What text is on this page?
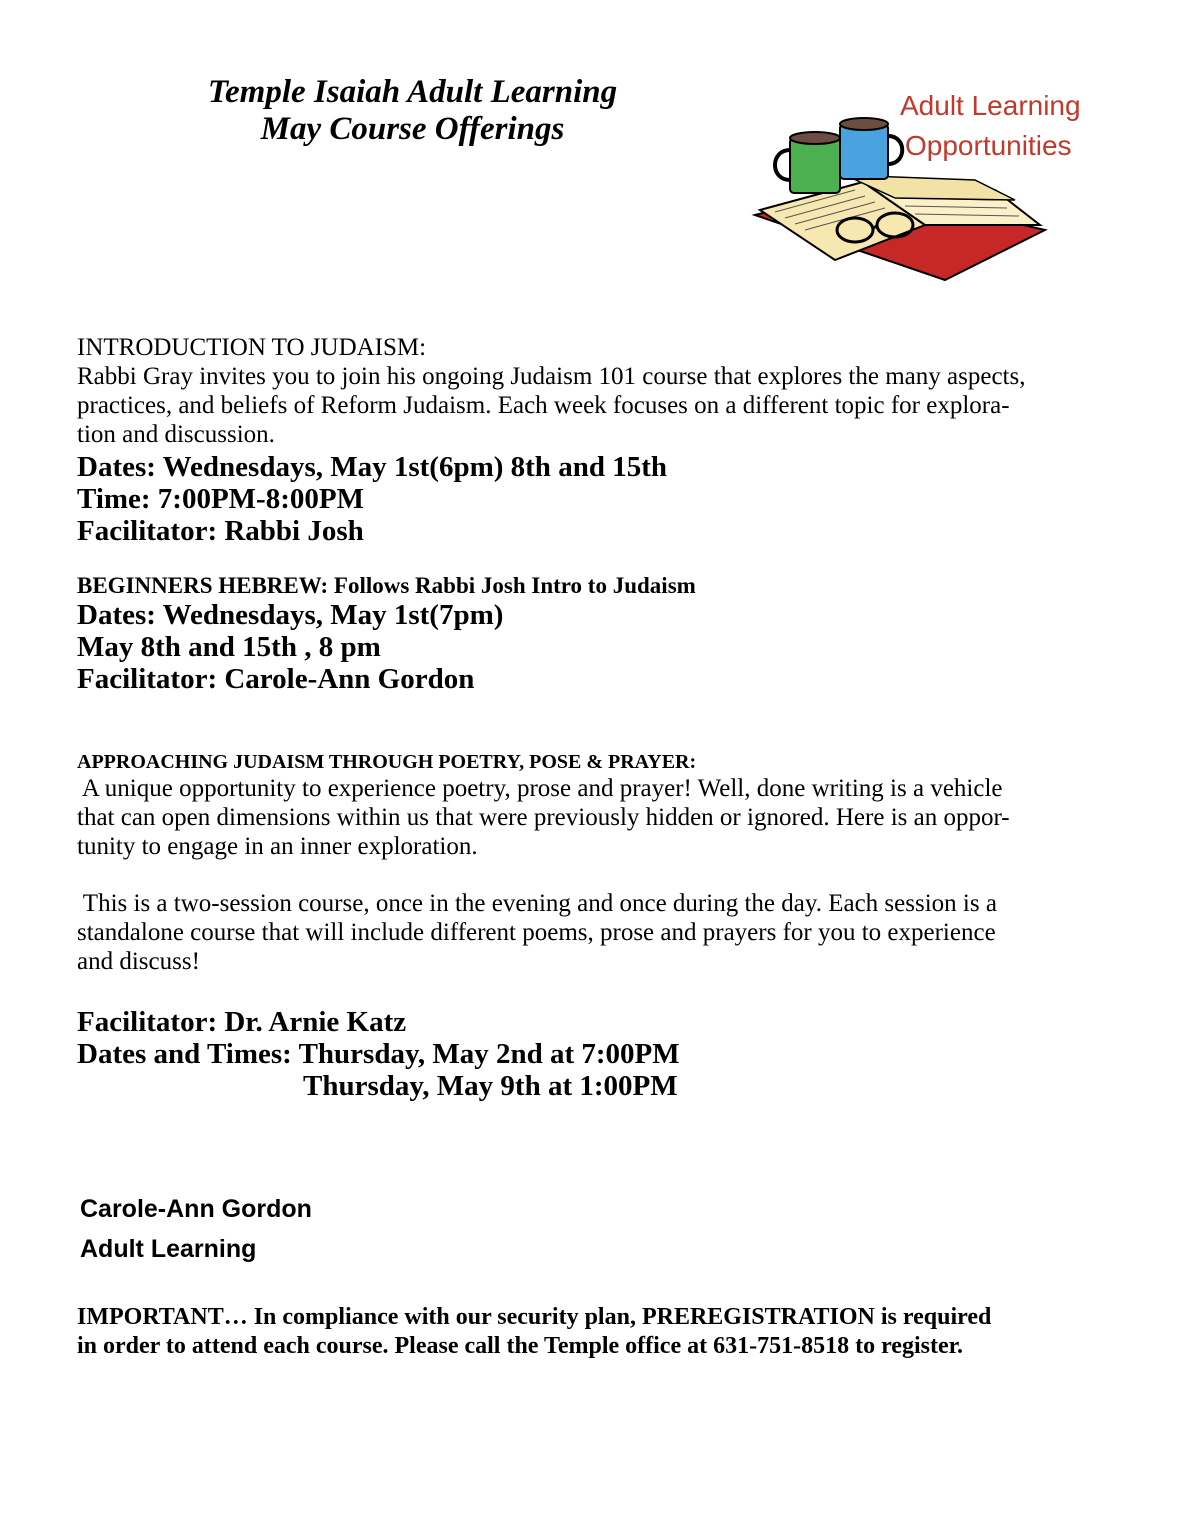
Temple Isaiah Adult Learning
May Course Offerings
Adult Learning
Opportunities
INTRODUCTION TO JUDAISM:
Rabbi Gray invites you to join his ongoing Judaism 101 course that explores the many aspects,
practices, and beliefs of Reform Judaism. Each week focuses on a different topic for explora-
tion and discussion.
Dates: Wednesdays, May 1st(6pm) 8th and 15th
Time: 7:00PM-8:00PM
Facilitator: Rabbi Josh
BEGINNERS HEBREW: Follows Rabbi Josh Intro to Judaism
Dates: Wednesdays, May 1st(7pm)
May 8th and 15th , 8 pm
Facilitator: Carole-Ann Gordon
APPROACHING JUDAISM THROUGH POETRY, POSE & PRAYER:
A unique opportunity to experience poetry, prose and prayer! Well, done writing is a vehicle
that can open dimensions within us that were previously hidden or ignored. Here is an oppor-
tunity to engage in an inner exploration.
This is a two-session course, once in the evening and once during the day. Each session is a
standalone course that will include different poems, prose and prayers for you to experience
and discuss!
Facilitator: Dr. Arnie Katz
Dates and Times: Thursday, May 2nd at 7:00PM
Thursday, May 9th at 1:00PM
Carole-Ann Gordon
Adult Learning
IMPORTANT… In compliance with our security plan, PREREGISTRATION is required
in order to attend each course. Please call the Temple office at 631-751-8518 to register.
